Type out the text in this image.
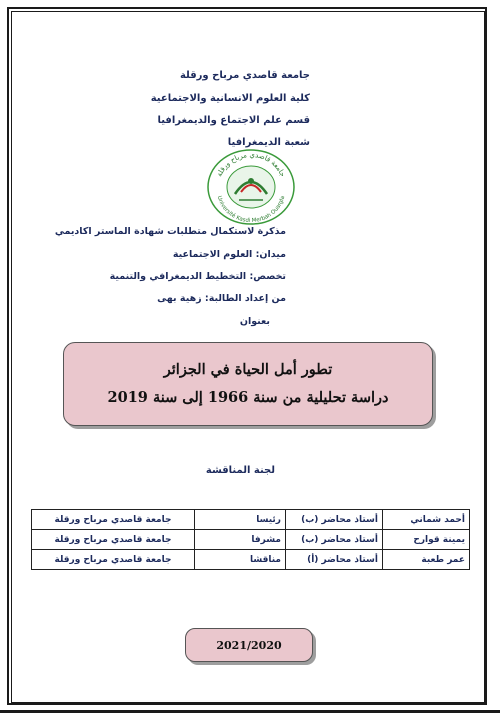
جامعة قاصدي مرباح ورقلة
كلية العلوم الانسانية والاجتماعية
قسم علم الاجتماع والديمغرافيا
شعبة الديمغرافيا
جامعة قاصدي مرباح ورقلة
Université Kasdi Merbah Ouargla
مذكرة لاستكمال متطلبات شهادة الماستر اكاديمي
ميدان: العلوم الاجتماعية
تخصص: التخطيط الديمغرافي والتنمية
من إعداد الطالبة: زهية بهى
بعنوان
تطور أمل الحياة في الجزائر
دراسة تحليلية من سنة 1966 إلى سنة 2019
لجنة المناقشة
أحمد شماني	أستاذ محاضر (ب)	رئيسا	جامعة قاصدي مرباح ورقلة
يمينة قوارح	أستاذ محاضر (ب)	مشرفا	جامعة قاصدي مرباح ورقلة
عمر طعبة	أستاذ محاضر (أ)	مناقشا	جامعة قاصدي مرباح ورقلة
2021/2020
